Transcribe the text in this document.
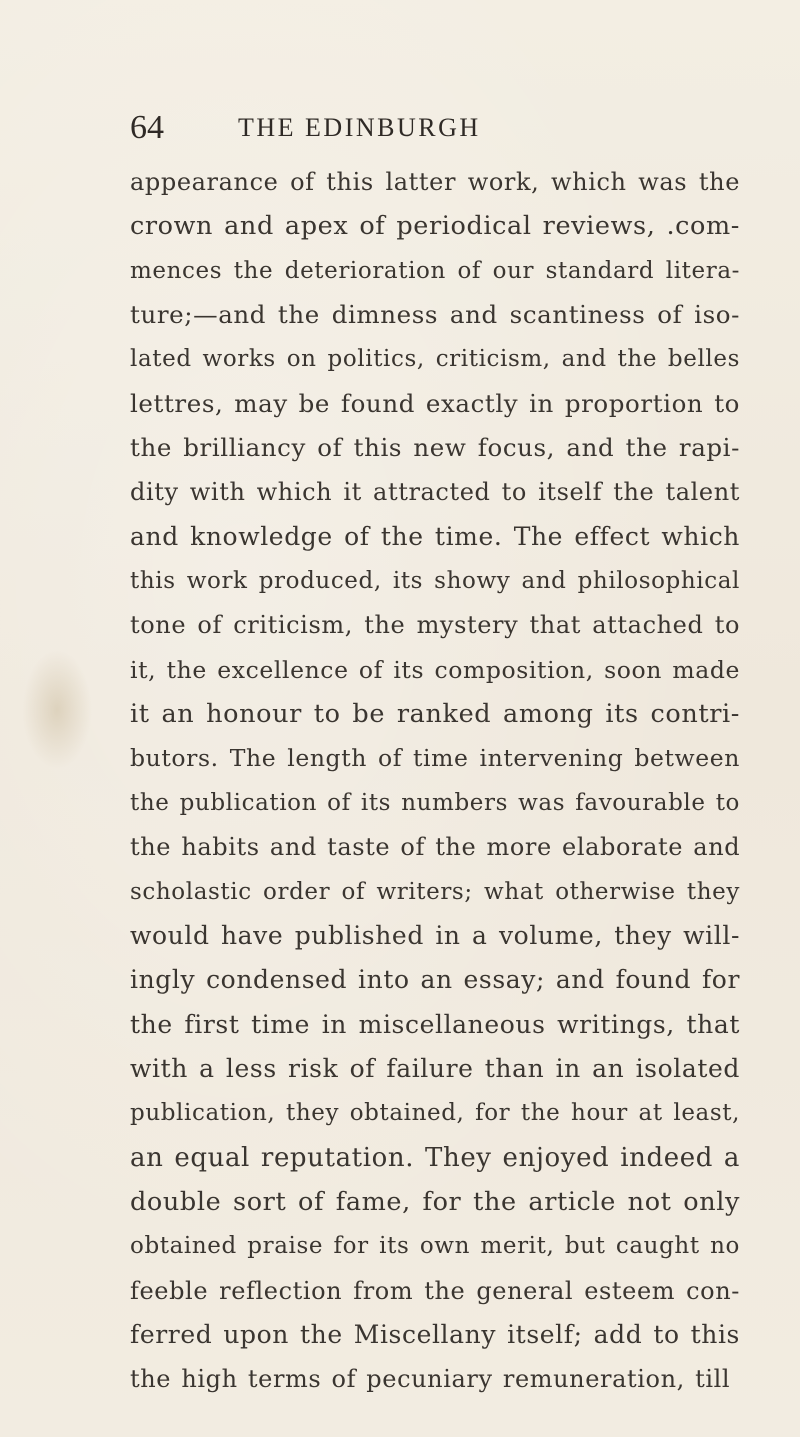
64	THE EDINBURGH
appearance of this latter work, which was the
crown and apex of periodical reviews, .com-
mences the deterioration of our standard litera-
ture;—and the dimness and scantiness of iso-
lated works on politics, criticism, and the belles
lettres, may be found exactly in proportion to
the brilliancy of this new focus, and the rapi-
dity with which it attracted to itself the talent
and knowledge of the time. The effect which
this work produced, its showy and philosophical
tone of criticism, the mystery that attached to
it, the excellence of its composition, soon made
it an honour to be ranked among its contri-
butors. The length of time intervening between
the publication of its numbers was favourable to
the habits and taste of the more elaborate and
scholastic order of writers; what otherwise they
would have published in a volume, they will-
ingly condensed into an essay; and found for
the first time in miscellaneous writings, that
with a less risk of failure than in an isolated
publication, they obtained, for the hour at least,
an equal reputation. They enjoyed indeed a
double sort of fame, for the article not only
obtained praise for its own merit, but caught no
feeble reflection from the general esteem con-
ferred upon the Miscellany itself; add to this
the high terms of pecuniary remuneration, till
